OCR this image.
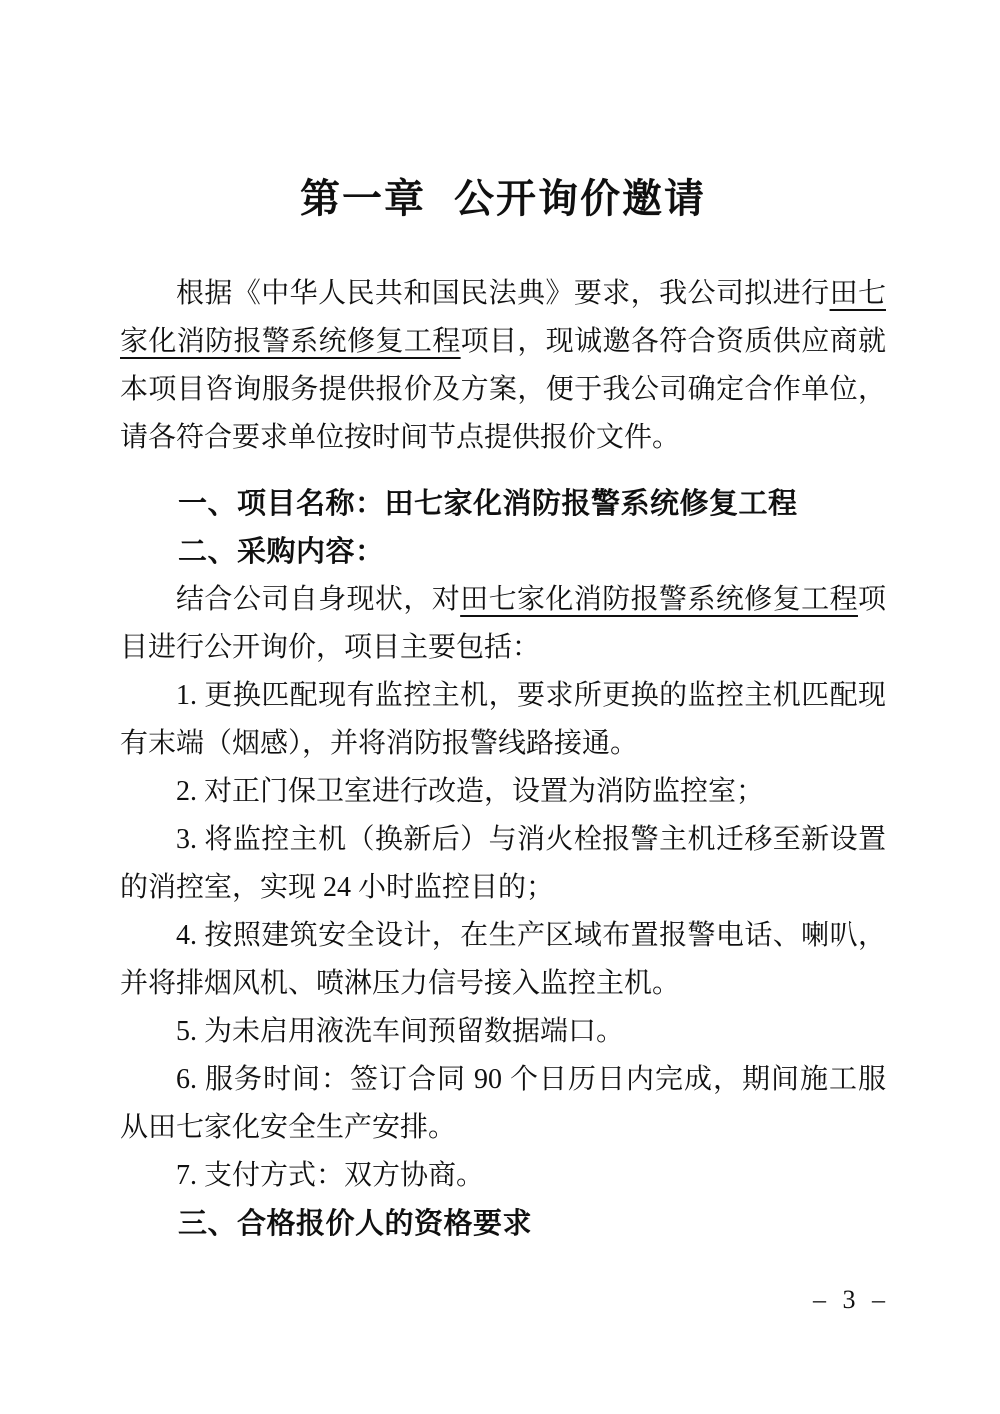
第一章 公开询价邀请

根据《中华人民共和国民法典》要求，我公司拟进行田七家化消防报警系统修复工程项目，现诚邀各符合资质供应商就本项目咨询服务提供报价及方案，便于我公司确定合作单位，请各符合要求单位按时间节点提供报价文件。

一、项目名称：田七家化消防报警系统修复工程

二、采购内容：

结合公司自身现状，对田七家化消防报警系统修复工程项目进行公开询价，项目主要包括：

1. 更换匹配现有监控主机，要求所更换的监控主机匹配现有末端（烟感），并将消防报警线路接通。

2. 对正门保卫室进行改造，设置为消防监控室；

3. 将监控主机（换新后）与消火栓报警主机迁移至新设置的消控室，实现 24 小时监控目的；

4. 按照建筑安全设计，在生产区域布置报警电话、喇叭，并将排烟风机、喷淋压力信号接入监控主机。

5. 为未启用液洗车间预留数据端口。

6. 服务时间：签订合同 90 个日历日内完成，期间施工服从田七家化安全生产安排。

7. 支付方式：双方协商。

三、合格报价人的资格要求

– 3 –
